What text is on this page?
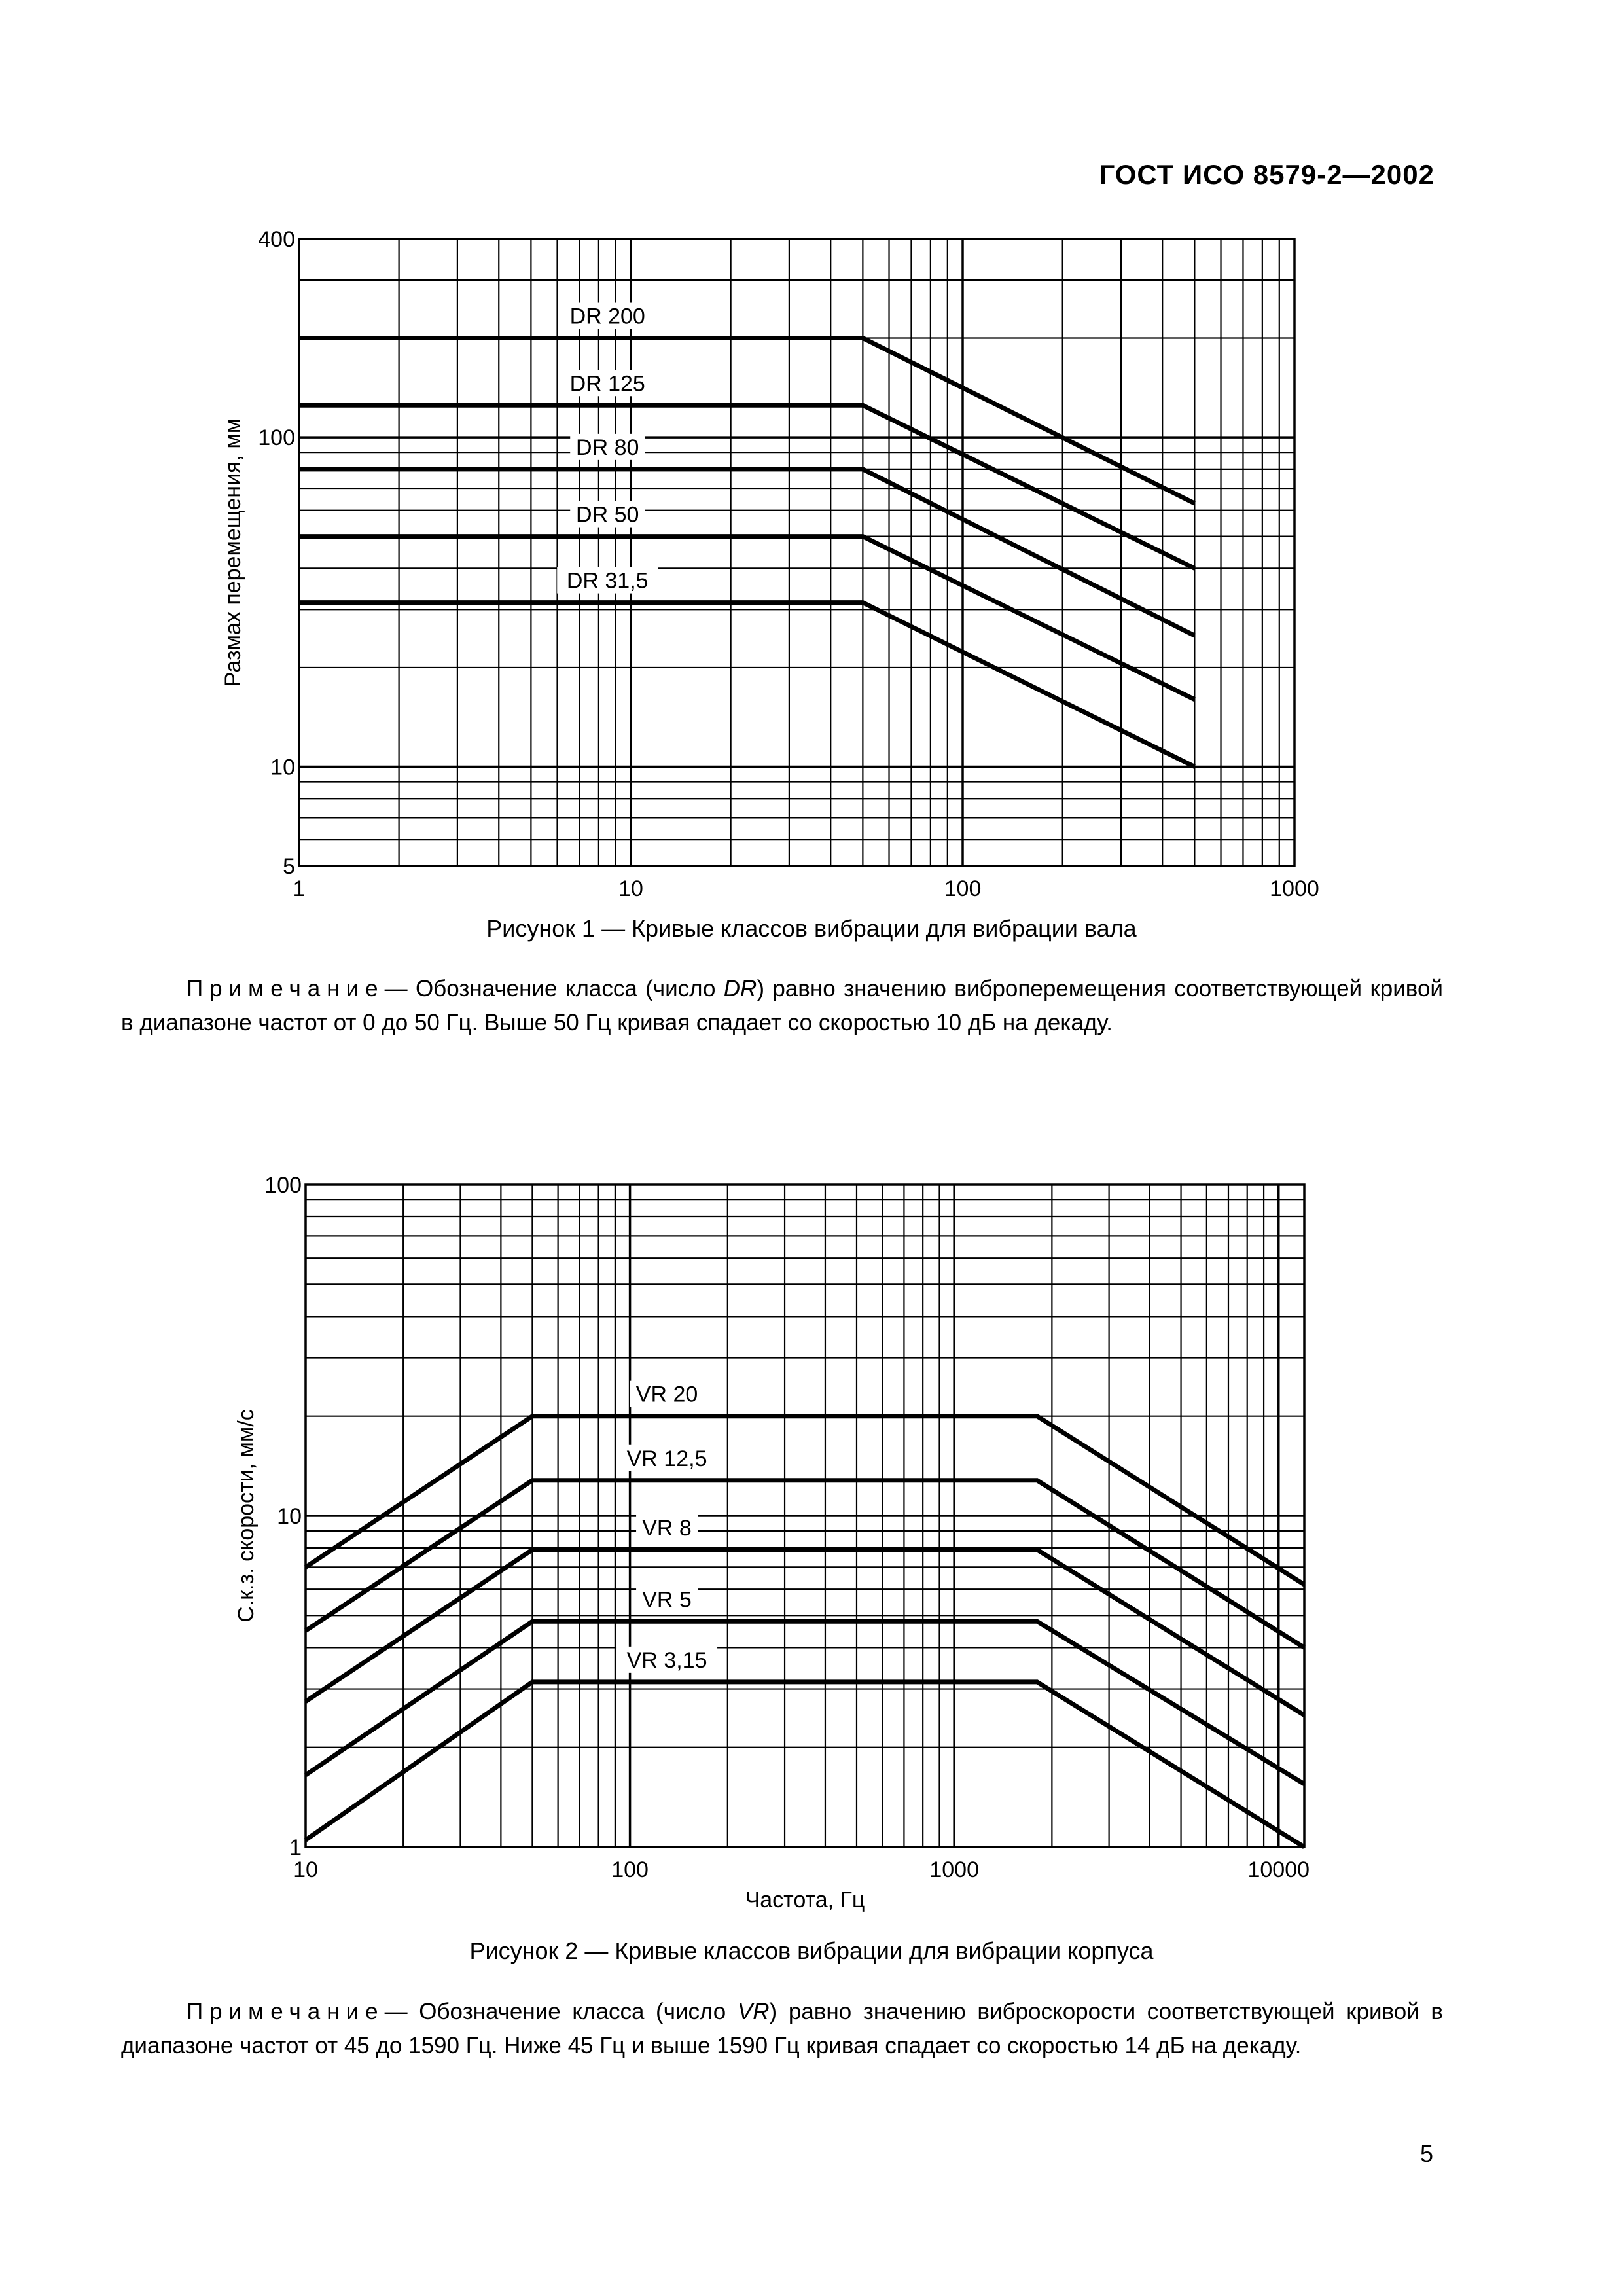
ГОСТ ИСО 8579-2—2002
1	10	100	1000
5
10
100
400
Размах перемещения, мм
DR 200
DR 125
DR 80
DR 50
DR 31,5
Рисунок 1 — Кривые классов вибрации для вибрации вала
Примечание— Обозначение класса (число DR) равно значению виброперемещения соответствующей кривой в диапазоне частот от 0 до 50 Гц. Выше 50 Гц кривая спадает со скоростью 10 дБ на декаду.
10	100	1000	10000
1
10
100
С.к.з. скорости, мм/с
Частота, Гц
VR 20
VR 12,5
VR 8
VR 5
VR 3,15
Рисунок 2 — Кривые классов вибрации для вибрации корпуса
Примечание— Обозначение класса (число VR) равно значению виброскорости соответствующей кривой в диапазоне частот от 45 до 1590 Гц. Ниже 45 Гц и выше 1590 Гц кривая спадает со скоростью 14 дБ на декаду.
5
